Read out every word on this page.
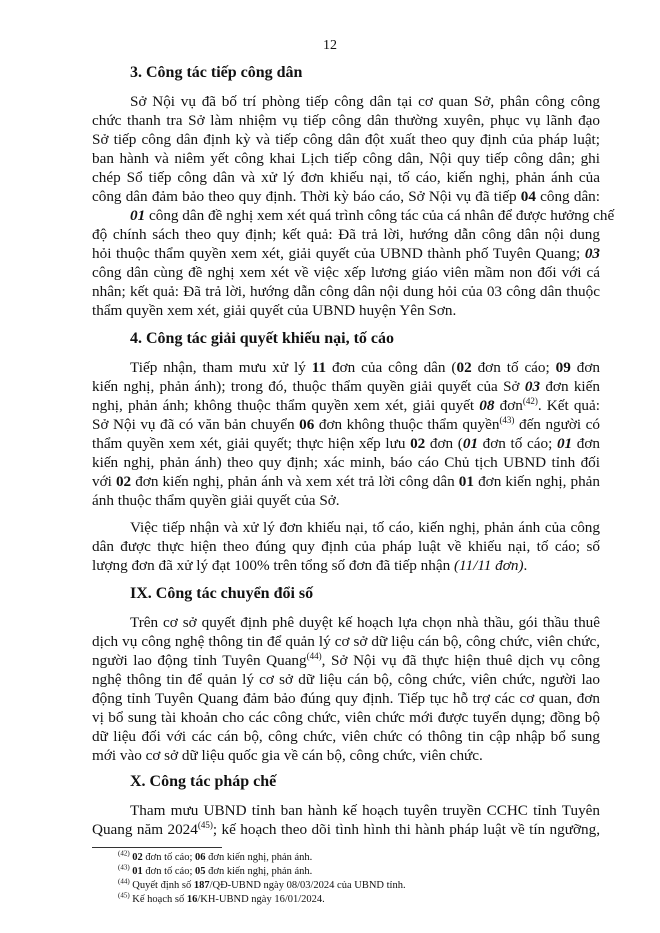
12
3. Công tác tiếp công dân
Sở Nội vụ đã bố trí phòng tiếp công dân tại cơ quan Sở, phân công công
chức thanh tra Sở làm nhiệm vụ tiếp công dân thường xuyên, phục vụ lãnh đạo
Sở tiếp công dân định kỳ và tiếp công dân đột xuất theo quy định của pháp luật;
ban hành và niêm yết công khai Lịch tiếp công dân, Nội quy tiếp công dân; ghi
chép Sổ tiếp công dân và xử lý đơn khiếu nại, tố cáo, kiến nghị, phản ánh của
công dân đảm bảo theo quy định. Thời kỳ báo cáo, Sở Nội vụ đã tiếp 04 công dân:
01 công dân đề nghị xem xét quá trình công tác của cá nhân để được hưởng chế
độ chính sách theo quy định; kết quả: Đã trả lời, hướng dẫn công dân nội dung
hỏi thuộc thẩm quyền xem xét, giải quyết của UBND thành phố Tuyên Quang; 03
công dân cùng đề nghị xem xét về việc xếp lương giáo viên mầm non đối với cá
nhân; kết quả: Đã trả lời, hướng dẫn công dân nội dung hỏi của 03 công dân thuộc
thẩm quyền xem xét, giải quyết của UBND huyện Yên Sơn.
4. Công tác giải quyết khiếu nại, tố cáo
Tiếp nhận, tham mưu xử lý 11 đơn của công dân (02 đơn tố cáo; 09 đơn
kiến nghị, phản ánh); trong đó, thuộc thẩm quyền giải quyết của Sở 03 đơn kiến
nghị, phản ánh; không thuộc thẩm quyền xem xét, giải quyết 08 đơn$^{(42)}$. Kết quả:
Sở Nội vụ đã có văn bản chuyển 06 đơn không thuộc thẩm quyền$^{(43)}$ đến người có
thẩm quyền xem xét, giải quyết; thực hiện xếp lưu 02 đơn (01 đơn tố cáo; 01 đơn
kiến nghị, phản ánh) theo quy định; xác minh, báo cáo Chủ tịch UBND tỉnh đối
với 02 đơn kiến nghị, phản ánh và xem xét trả lời công dân 01 đơn kiến nghị, phản
ánh thuộc thẩm quyền giải quyết của Sở.
Việc tiếp nhận và xử lý đơn khiếu nại, tố cáo, kiến nghị, phản ánh của công
dân được thực hiện theo đúng quy định của pháp luật về khiếu nại, tố cáo; số
lượng đơn đã xử lý đạt 100% trên tổng số đơn đã tiếp nhận (11/11 đơn).
IX. Công tác chuyển đổi số
Trên cơ sở quyết định phê duyệt kế hoạch lựa chọn nhà thầu, gói thầu thuê
dịch vụ công nghệ thông tin để quản lý cơ sở dữ liệu cán bộ, công chức, viên chức,
người lao động tỉnh Tuyên Quang$^{(44)}$, Sở Nội vụ đã thực hiện thuê dịch vụ công
nghệ thông tin để quản lý cơ sở dữ liệu cán bộ, công chức, viên chức, người lao
động tỉnh Tuyên Quang đảm bảo đúng quy định. Tiếp tục hỗ trợ các cơ quan, đơn
vị bổ sung tài khoản cho các công chức, viên chức mới được tuyển dụng; đồng bộ
dữ liệu đối với các cán bộ, công chức, viên chức có thông tin cập nhập bổ sung
mới vào cơ sở dữ liệu quốc gia về cán bộ, công chức, viên chức.
X. Công tác pháp chế
Tham mưu UBND tỉnh ban hành kế hoạch tuyên truyền CCHC tỉnh Tuyên
Quang năm 2024$^{(45)}$; kế hoạch theo dõi tình hình thi hành pháp luật về tín ngưỡng,
$^{(42)}$ 02 đơn tố cáo; 06 đơn kiến nghị, phản ánh.
$^{(43)}$ 01 đơn tố cáo; 05 đơn kiến nghị, phản ánh.
$^{(44)}$ Quyết định số 187/QĐ-UBND ngày 08/03/2024 của UBND tỉnh.
$^{(45)}$ Kế hoạch số 16/KH-UBND ngày 16/01/2024.
